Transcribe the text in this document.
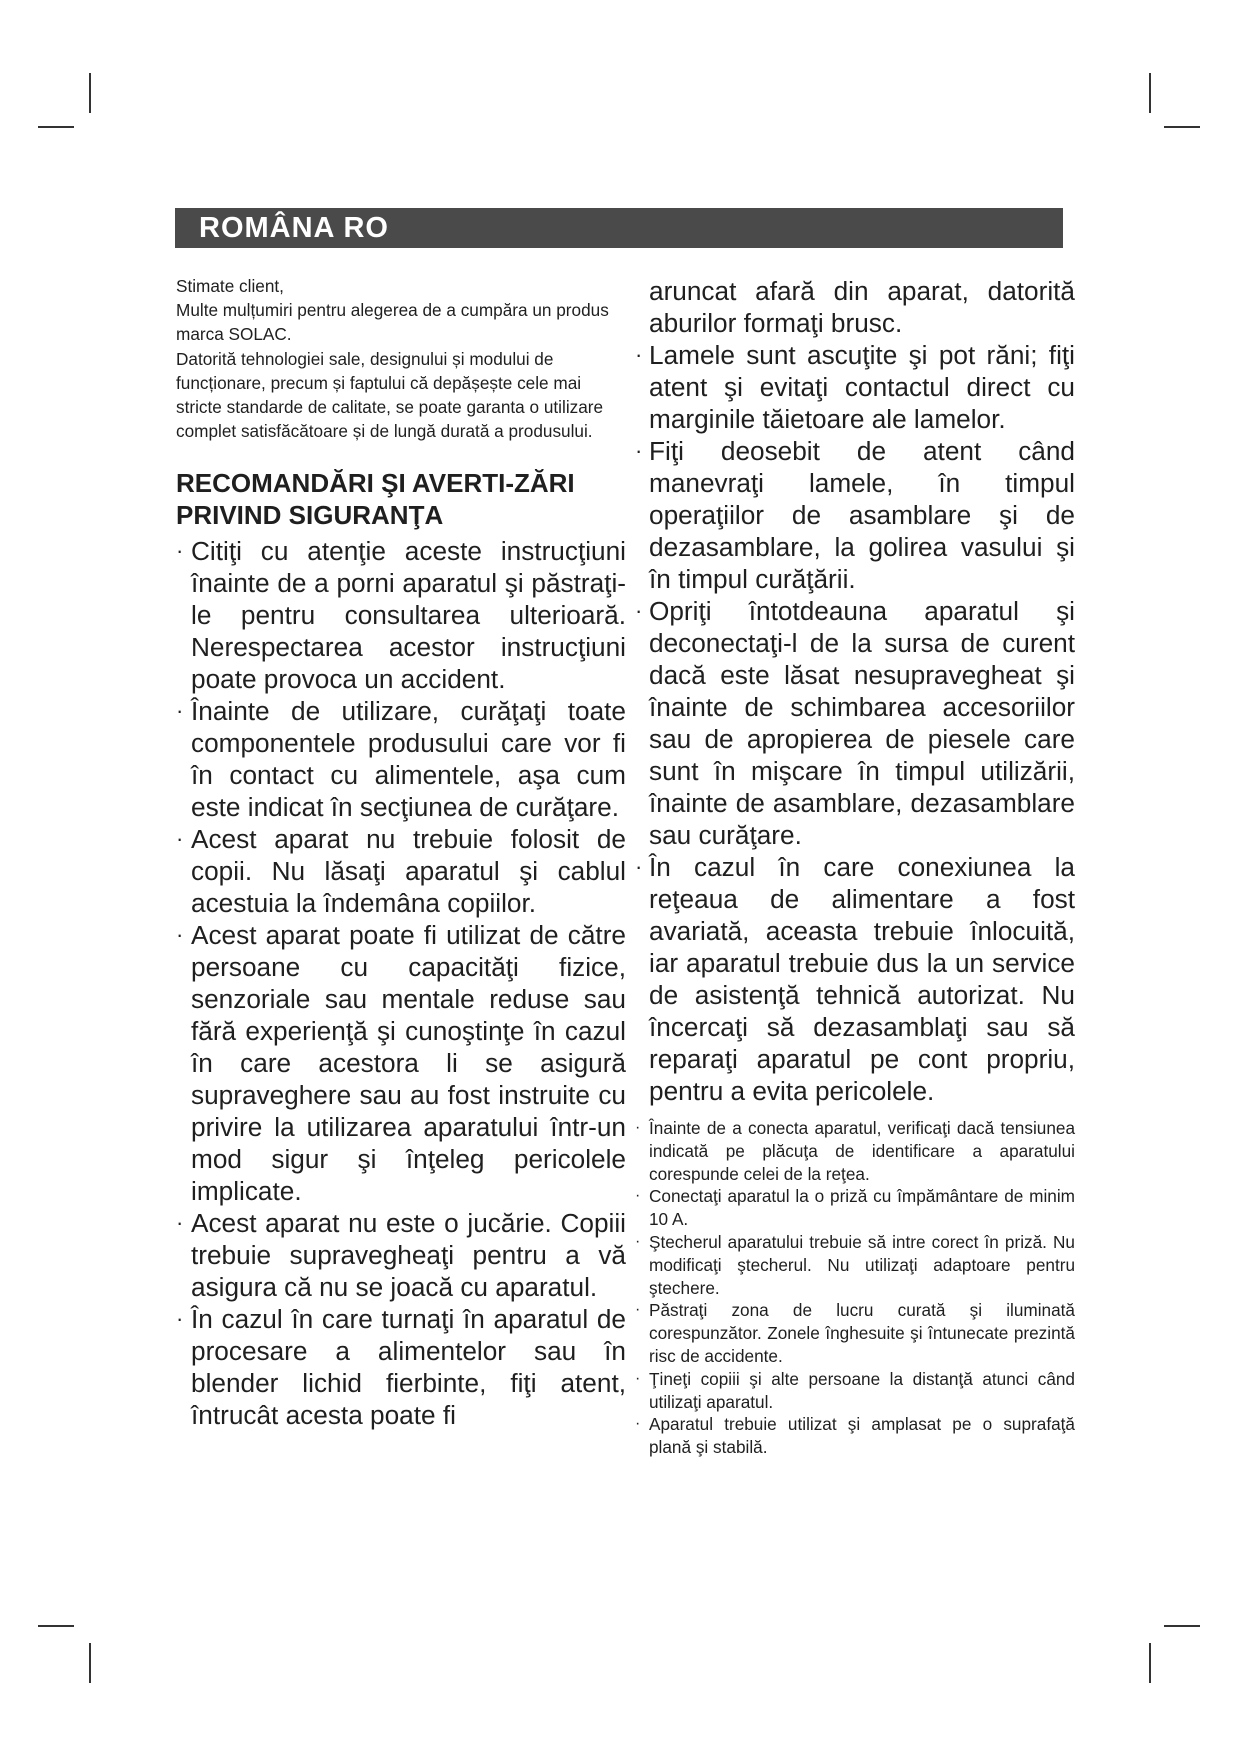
ROMÂNA RO

Stimate client,

Multe mulțumiri pentru alegerea de a cumpăra un produs marca SOLAC.

Datorită tehnologiei sale, designului și modului de funcționare, precum și faptului că depășește cele mai stricte standarde de calitate, se poate garanta o utilizare complet satisfăcătoare și de lungă durată a produsului.

RECOMANDĂRI ŞI AVERTI-ZĂRI PRIVIND SIGURANŢA
· Citiţi cu atenţie aceste instrucţiuni înainte de a porni aparatul şi păstraţi-le pentru consultarea ulterioară. Nerespectarea acestor instrucţiuni poate provoca un accident.
· Înainte de utilizare, curăţaţi toate componentele produsului care vor fi în contact cu alimentele, aşa cum este indicat în secţiunea de curăţare.
· Acest aparat nu trebuie folosit de copii. Nu lăsaţi aparatul şi cablul acestuia la îndemâna copiilor.
· Acest aparat poate fi utilizat de către persoane cu capacităţi fizice, senzoriale sau mentale reduse sau fără experienţă şi cunoştinţe în cazul în care acestora li se asigură supraveghere sau au fost instruite cu privire la utilizarea aparatului într-un mod sigur şi înţeleg pericolele implicate.
· Acest aparat nu este o jucărie. Copiii trebuie supravegheaţi pentru a vă asigura că nu se joacă cu aparatul.
· În cazul în care turnaţi în aparatul de procesare a alimentelor sau în blender lichid fierbinte, fiţi atent, întrucât acesta poate fi
aruncat afară din aparat, datorită aburilor formaţi brusc.
· Lamele sunt ascuţite şi pot răni; fiţi atent şi evitaţi contactul direct cu marginile tăietoare ale lamelor.
· Fiţi deosebit de atent când manevraţi lamele, în timpul operaţiilor de asamblare şi de dezasamblare, la golirea vasului şi în timpul curăţării.
· Opriţi întotdeauna aparatul şi deconectaţi-l de la sursa de curent dacă este lăsat nesupravegheat şi înainte de schimbarea accesoriilor sau de apropierea de piesele care sunt în mişcare în timpul utilizării, înainte de asamblare, dezasamblare sau curăţare.
· În cazul în care conexiunea la reţeaua de alimentare a fost avariată, aceasta trebuie înlocuită, iar aparatul trebuie dus la un service de asistenţă tehnică autorizat. Nu încercaţi să dezasamblaţi sau să reparaţi aparatul pe cont propriu, pentru a evita pericolele.
· Înainte de a conecta aparatul, verificaţi dacă tensiunea indicată pe plăcuţa de identificare a aparatului corespunde celei de la reţea.
· Conectaţi aparatul la o priză cu împământare de minim 10 A.
· Ştecherul aparatului trebuie să intre corect în priză. Nu modificaţi ştecherul. Nu utilizaţi adaptoare pentru ştechere.
· Păstraţi zona de lucru curată şi iluminată corespunzător. Zonele înghesuite şi întunecate prezintă risc de accidente.
· Ţineţi copiii şi alte persoane la distanţă atunci când utilizaţi aparatul.
· Aparatul trebuie utilizat şi amplasat pe o suprafaţă plană şi stabilă.
